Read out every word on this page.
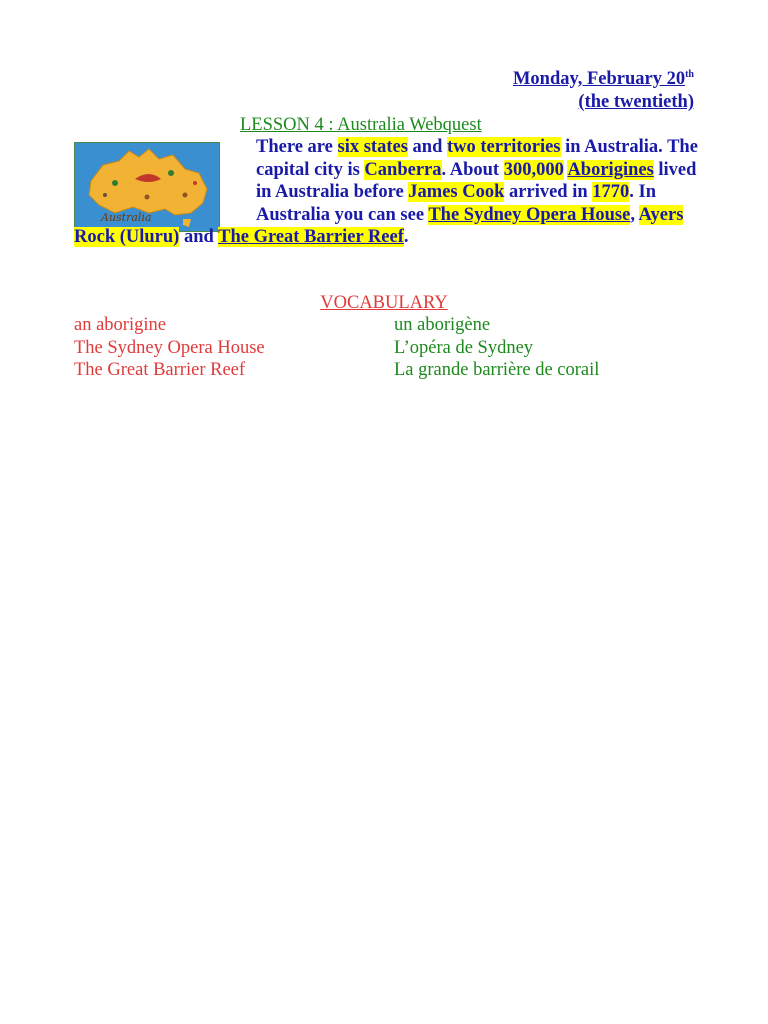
Monday, February 20th
(the twentieth)
LESSON 4 : Australia Webquest
Australia
There are six states and two territories in Australia. The capital city is Canberra. About 300,000 Aborigines lived in Australia before James Cook arrived in 1770. In Australia you can see The Sydney Opera House, Ayers Rock (Uluru) and The Great Barrier Reef.
VOCABULARY
an aborigine	un aborigène
The Sydney Opera House	L’opéra de Sydney
The Great Barrier Reef	La grande barrière de corail
